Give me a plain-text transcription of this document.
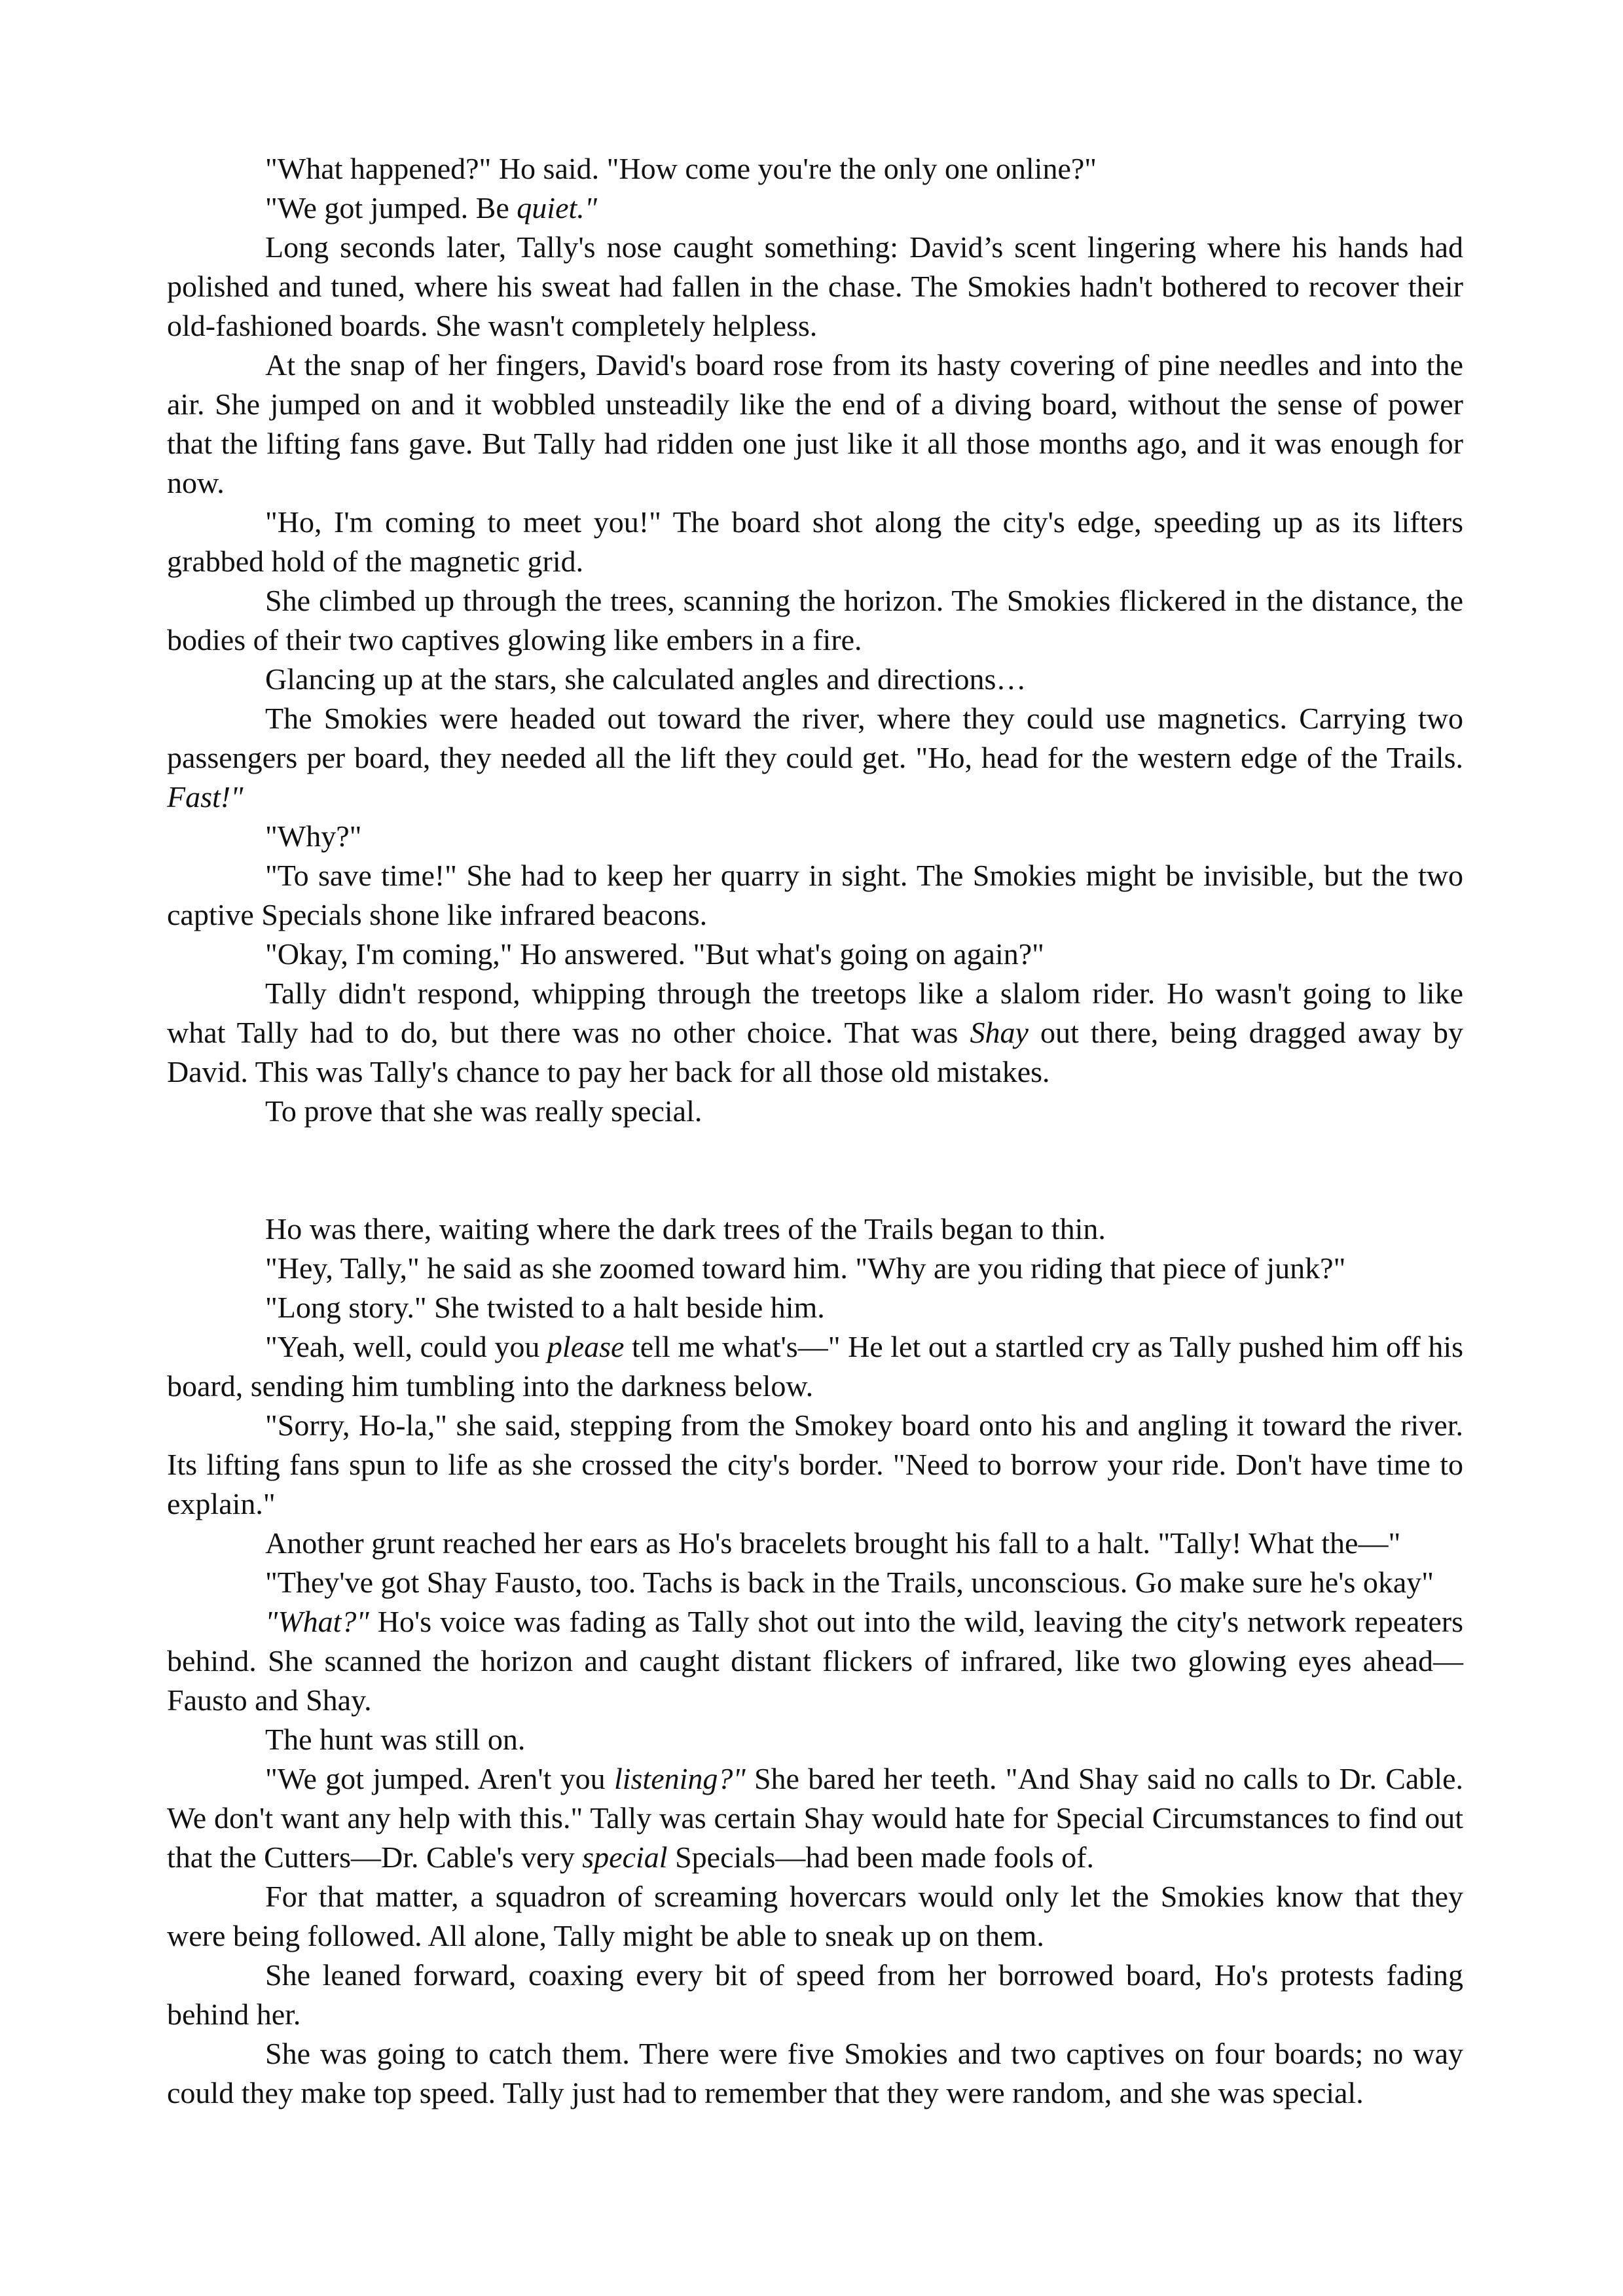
"What happened?" Ho said. "How come you're the only one online?"

"We got jumped. Be quiet."

Long seconds later, Tally's nose caught something: David’s scent lingering where his hands had polished and tuned, where his sweat had fallen in the chase. The Smokies hadn't bothered to recover their old-fashioned boards. She wasn't completely helpless.

At the snap of her fingers, David's board rose from its hasty covering of pine needles and into the air. She jumped on and it wobbled unsteadily like the end of a diving board, without the sense of power that the lifting fans gave. But Tally had ridden one just like it all those months ago, and it was enough for now.

"Ho, I'm coming to meet you!" The board shot along the city's edge, speeding up as its lifters grabbed hold of the magnetic grid.

She climbed up through the trees, scanning the horizon. The Smokies flickered in the distance, the bodies of their two captives glowing like embers in a fire.

Glancing up at the stars, she calculated angles and directions…

The Smokies were headed out toward the river, where they could use magnetics. Carrying two passengers per board, they needed all the lift they could get. "Ho, head for the western edge of the Trails. Fast!"

"Why?"

"To save time!" She had to keep her quarry in sight. The Smokies might be invisible, but the two captive Specials shone like infrared beacons.

"Okay, I'm coming," Ho answered. "But what's going on again?"

Tally didn't respond, whipping through the treetops like a slalom rider. Ho wasn't going to like what Tally had to do, but there was no other choice. That was Shay out there, being dragged away by David. This was Tally's chance to pay her back for all those old mistakes.

To prove that she was really special.

Ho was there, waiting where the dark trees of the Trails began to thin.

"Hey, Tally," he said as she zoomed toward him. "Why are you riding that piece of junk?"

"Long story." She twisted to a halt beside him.

"Yeah, well, could you please tell me what's—" He let out a startled cry as Tally pushed him off his board, sending him tumbling into the darkness below.

"Sorry, Ho-la," she said, stepping from the Smokey board onto his and angling it toward the river. Its lifting fans spun to life as she crossed the city's border. "Need to borrow your ride. Don't have time to explain."

Another grunt reached her ears as Ho's bracelets brought his fall to a halt. "Tally! What the—"

"They've got Shay Fausto, too. Tachs is back in the Trails, unconscious. Go make sure he's okay"

"What?" Ho's voice was fading as Tally shot out into the wild, leaving the city's network repeaters behind. She scanned the horizon and caught distant flickers of infrared, like two glowing eyes ahead—Fausto and Shay.

The hunt was still on.

"We got jumped. Aren't you listening?" She bared her teeth. "And Shay said no calls to Dr. Cable. We don't want any help with this." Tally was certain Shay would hate for Special Circumstances to find out that the Cutters—Dr. Cable's very special Specials—had been made fools of.

For that matter, a squadron of screaming hovercars would only let the Smokies know that they were being followed. All alone, Tally might be able to sneak up on them.

She leaned forward, coaxing every bit of speed from her borrowed board, Ho's protests fading behind her.

She was going to catch them. There were five Smokies and two captives on four boards; no way could they make top speed. Tally just had to remember that they were random, and she was special.
